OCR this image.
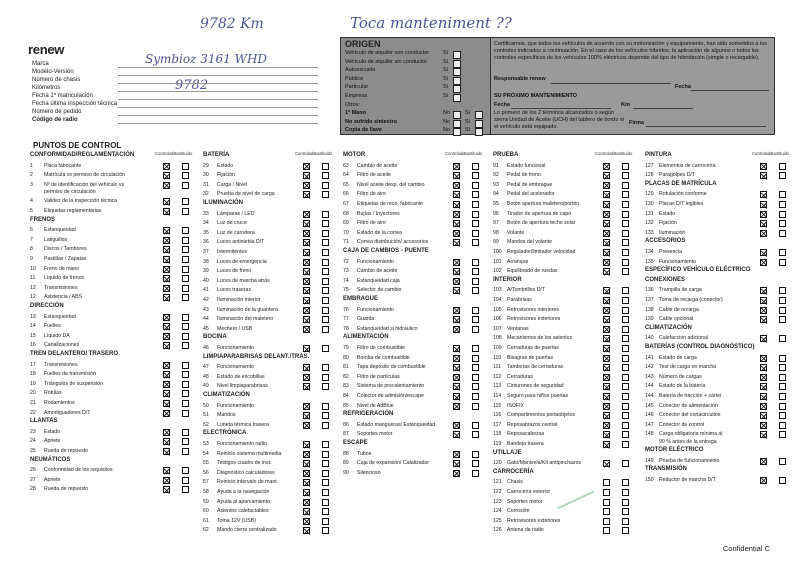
9782 Km	Toca manteniment ??
Symbioz 3161 WHD
9782
renew
Marca
Modelo-Versión
Número de chasis
Kilómetros
Fecha 1ª matriculación
Fecha última inspección técnica
Número de pedido
Código de radio
ORIGEN
Vehículo de alquiler con conductor	Sí
Vehículo de alquiler sin conductor	Sí
Autoescuela	Sí
Público	Sí
Particular	Sí
Empresa	Sí
Otros:
1º Mano	No	Sí
No sufrido siniestro	No	Sí
Copia de llave	No	Sí
Certificamos, que todos los vehículos de acuerdo con su motorización y equipamiento, han sido sometidos a los controles indicados a continuación. En el caso de los vehículos híbridos, la aplicación de algunos o todos los controles específicos de los vehículos 100% eléctricos depende del tipo de hibridación (simple o recargable).
Responsable renew
Fecha
SU PRÓXIMO MANTENIMIENTO
Fecha	Km
Lo primero de los 2 términos alcanzados o según sierra Unidad de Aceite (UCH) del tablero de bordo si el vehículo está equipado.
Firma
PUNTOS DE CONTROL
Controlado
Sustituido
CONFORMIDAD/REGLAMENTACIÓN
1	Placa fabricante
2	Matrícula vs permiso de circulación
3	Nº de identificación del vehículo vs
permiso de circulación
4	Validez de la inspección técnica
5	Etiquetas reglamentarias
FRENOS
6	Estanqueidad
7	Latiguillos
8	Discos / Tambores
9	Pastillas / Zapatas
10	Freno de mano
11	Líquido de frenos
12	Transmisiones
12	Asistencia / ABS
DIRECCIÓN
13	Estanqueidad
14	Fuelles
15	Líquido DA
16	Canalizaciones
TREN DELANTERO/ TRASERO
17	Transmisiones
18	Fuelles de transmisión
19	Triángulos de suspensión
20	Rótulas
21	Rodamientos
22	Amortiguadores D/T
LLANTAS
23	Estado
24	Apriete
25	Rueda de repuesto
NEUMÁTICOS
26	Conformidad de los requisitos
27	Apriete
28	Rueda de repuesto
Controlado
Sustituido
BATERÍA
29	Estado
30	Fijación
31	Carga / Nivel
32	Prueba de nivel de carga
ILUMINACIÓN
33	Lámparas / LED
34	Luz de cruce
35	Luz de carretera
36	Luces antiniebla D/T
37	Intermitentes
38	Luces de emergencia
39	Luces de freno
40	Luces de marcha atrás
41	Luces traseras
42	Iluminación interior
43	Iluminación de la guantera
44	Iluminación del maletero
45	Mechero / USB
BOCINA
46	Funcionamiento
LIMPIAPARABRISAS DELANT./TRAS.
47	Funcionamiento
48	Estado de escobillas
49	Nivel limpiaparabrisas
CLIMATIZACIÓN
50	Funcionamiento
51	Mandos
52	Luneta térmica trasera
ELECTRÓNICA
53	Funcionamiento radio
54	Reinicio sistema multimedia
55	Testigos cuadro de inst.
56	Diagnóstico calculadores
57	Reinicio intervalo de mant.
58	Ayuda a la navegación
59	Ayuda al aparcamiento
60	Asientos calefactables
61	Toma 12V (USB)
62	Mando cierre centralizado
Controlado
Sustituido
MOTOR
63	Cambio de aceite
64	Filtro de aceite
65	Nivel aceite desp. del cambio
66	Filtro de aire
67	Etiquetas de reco. fabricante
68	Bujías / Inyectores
69	Filtro de aire
70	Estado de la correa
71	Correa distribución/ accesorios
CAJA DE CAMBIOS - PUENTE
72	Funcionamiento
73	Cambio de aceite
74	Estanqueidad caja
75	Selector de cambio
EMBRAGUE
76	Funcionamiento
77	Guarda
78	Estanqueidad si hidráulico
ALIMENTACIÓN
79	Filtro de combustible
80	Bomba de combustible
81	Tapa depósito de combustible
82	Filtro de partículas
83	Sistema de precalentamiento
84	Colector de admisión/escape
85	Nivel de AdBlue
REFRIGERACIÓN
86	Estado mangueras/ Estanqueidad
87	Soportes motor
ESCAPE
88	Tubos
89	Caja de expansión/ Catalizador
90	Silencioso
Controlado
Sustituido
PRUEBA
91	Estado funcional
92	Pedal de freno
93	Pedal de embrague
94	Pedal del acelerador
95	Botón apertura maletero/portón
96	Tirador de apertura de capó
97	Botón de apertura techo solar
98	Volante
99	Mandos del volante
100	Regulador/limitador velocidad
101	Arranque
102	Equilibrado de ruedas
INTERIOR
103	A/Tombrillos D/T
104	Parabrisas
105	Retrovisores interiores
106	Retrovisores exteriores
107	Ventanas
108	Mecanismos de los asientos
109	Cerraduras de puertas
110	Bisagras de puertas
111	Tamboras de cerraduras
112	Cerraduras
113	Cinturones de seguridad
114	Seguro para niños puertas
115	ISOFIX
116	Compartimentos portaobjetos
117	Reposabrazos central
118	Reposacabezas
119	Bandeja trasera
UTILLAJE
120	Gato/Manivela/Kit antipinchazos
CARROCERÍA
121	Chasis
122	Carrocería exterior
123	Soportes motor
124	Corrosión
125	Retrovisores exteriores
126	Antena de radio
Controlado
Sustituido
PINTURA
127	Elementos de carrocería
128	Paragolpes D/T
PLACAS DE MATRÍCULA
129	Rotulación conforme
130	Placas D/T legibles
131	Estado
132	Fijación
133	Iluminación
ACCESORIOS
134	Presencia
135	Funcionamiento
ESPECÍFICO VEHÍCULO ELÉCTRICO
CONEXIONES
136	Trampilla de carga
137	Toma de recarga (conector)
138	Cable de recarga
139	Cable opcional
CLIMATIZACIÓN
140	Calefacción adicional
BATERÍAS (CONTROL DIAGNÓSTICO)
141	Estado de carga
142	Test de carga en marcha
143	Número de cargas
144	Estado de la batería
144	Batería de tracción + cárter
145	Conector de alimentación
146	Conector del cortacircuitos
147	Conector de control
148	Carga obligatoria mínima al
90 % antes de la entrega
MOTOR ELÉCTRICO
149	Prueba de funcionamiento
TRANSMISIÓN
150	Reductor de marcha D/T
Confidential C
